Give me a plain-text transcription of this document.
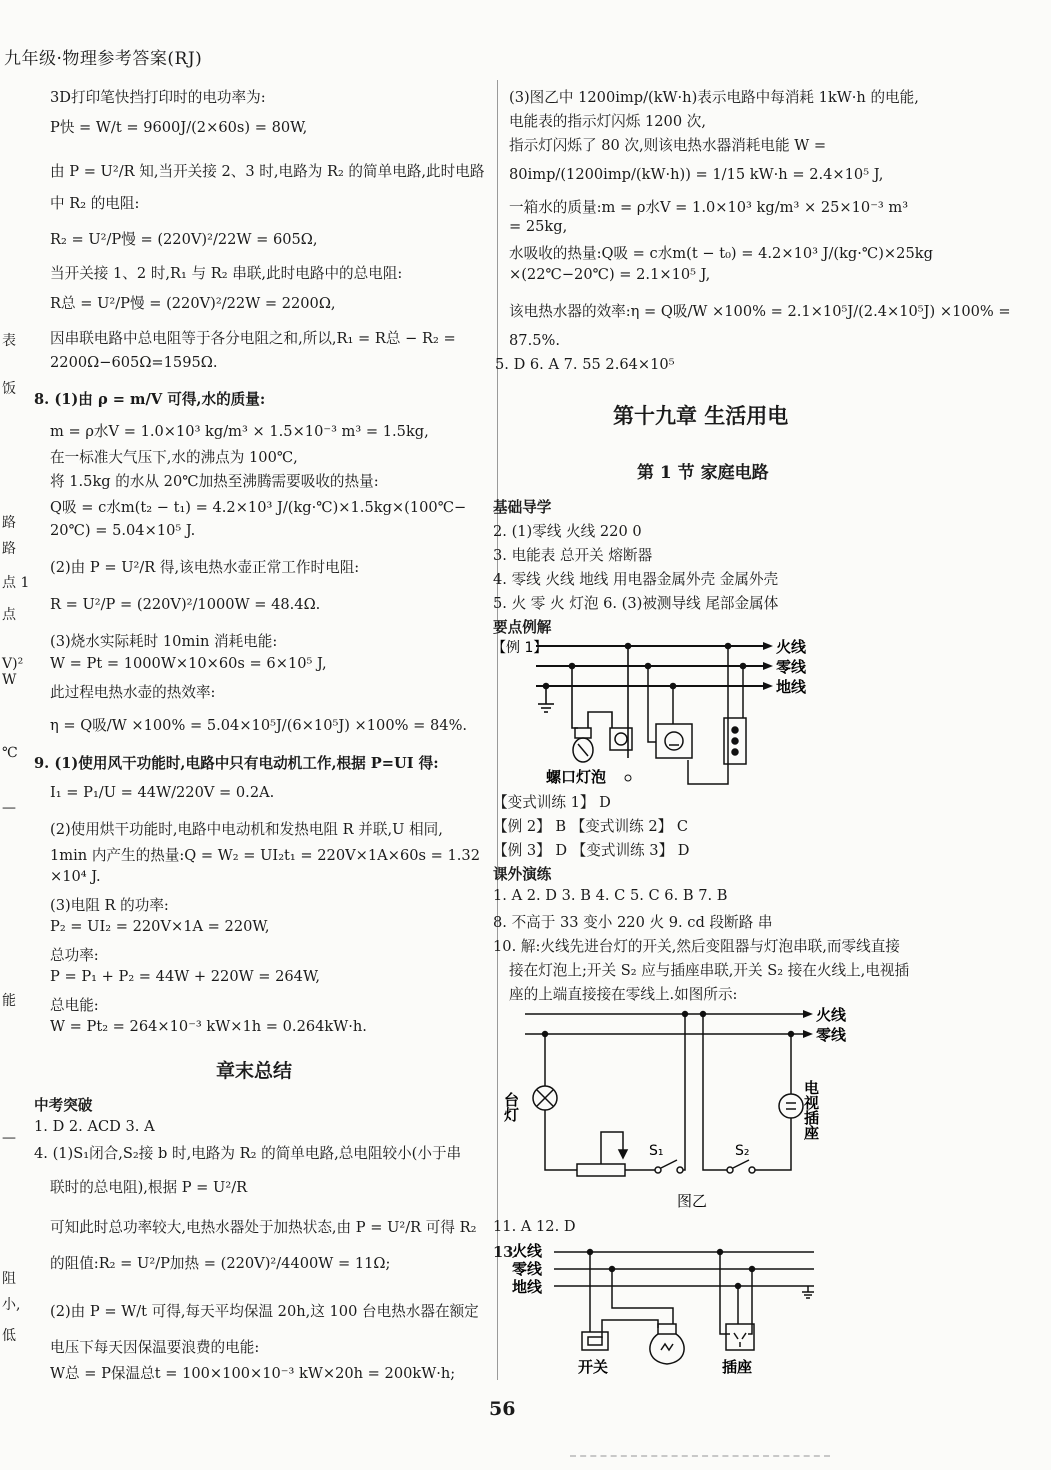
九年级·物理参考答案(RJ)
表
饭
路
路
点 1
点
V)²
W
℃
—
能
—
阻
小,
低
3D打印笔快挡打印时的电功率为:
P快 = W/t = 9600J/(2×60s) = 80W,
由 P = U²/R 知,当开关接 2、3 时,电路为 R₂ 的简单电路,此时电路
中 R₂ 的电阻:
R₂ = U²/P慢 = (220V)²/22W = 605Ω,
当开关接 1、2 时,R₁ 与 R₂ 串联,此时电路中的总电阻:
R总 = U²/P慢 = (220V)²/22W = 2200Ω,
因串联电路中总电阻等于各分电阻之和,所以,R₁ = R总 − R₂ =
2200Ω−605Ω=1595Ω.
8. (1)由 ρ = m/V 可得,水的质量:
m = ρ水V = 1.0×10³ kg/m³ × 1.5×10⁻³ m³ = 1.5kg,
在一标准大气压下,水的沸点为 100℃,
将 1.5kg 的水从 20℃加热至沸腾需要吸收的热量:
Q吸 = c水m(t₂ − t₁) = 4.2×10³ J/(kg·℃)×1.5kg×(100℃−
20℃) = 5.04×10⁵ J.
(2)由 P = U²/R 得,该电热水壶正常工作时电阻:
R = U²/P = (220V)²/1000W = 48.4Ω.
(3)烧水实际耗时 10min 消耗电能:
W = Pt = 1000W×10×60s = 6×10⁵ J,
此过程电热水壶的热效率:
η = Q吸/W ×100% = 5.04×10⁵J/(6×10⁵J) ×100% = 84%.
9. (1)使用风干功能时,电路中只有电动机工作,根据 P=UI 得:
I₁ = P₁/U = 44W/220V = 0.2A.
(2)使用烘干功能时,电路中电动机和发热电阻 R 并联,U 相同,
1min 内产生的热量:Q = W₂ = UI₂t₁ = 220V×1A×60s = 1.32
×10⁴ J.
(3)电阻 R 的功率:
P₂ = UI₂ = 220V×1A = 220W,
总功率:
P = P₁ + P₂ = 44W + 220W = 264W,
总电能:
W = Pt₂ = 264×10⁻³ kW×1h = 0.264kW·h.
章末总结
中考突破
1. D 2. ACD 3. A
4. (1)S₁闭合,S₂接 b 时,电路为 R₂ 的简单电路,总电阻较小(小于串
联时的总电阻),根据 P = U²/R
可知此时总功率较大,电热水器处于加热状态,由 P = U²/R 可得 R₂
的阻值:R₂ = U²/P加热 = (220V)²/4400W = 11Ω;
(2)由 P = W/t 可得,每天平均保温 20h,这 100 台电热水器在额定
电压下每天因保温要浪费的电能:
W总 = P保温总t = 100×100×10⁻³ kW×20h = 200kW·h;
(3)图乙中 1200imp/(kW·h)表示电路中每消耗 1kW·h 的电能,
电能表的指示灯闪烁 1200 次,
指示灯闪烁了 80 次,则该电热水器消耗电能 W =
80imp/(1200imp/(kW·h)) = 1/15 kW·h = 2.4×10⁵ J,
一箱水的质量:m = ρ水V = 1.0×10³ kg/m³ × 25×10⁻³ m³
= 25kg,
水吸收的热量:Q吸 = c水m(t − t₀) = 4.2×10³ J/(kg·℃)×25kg
×(22℃−20℃) = 2.1×10⁵ J,
该电热水器的效率:η = Q吸/W ×100% = 2.1×10⁵J/(2.4×10⁵J) ×100% =
87.5%.
5. D 6. A 7. 55 2.64×10⁵
第十九章 生活用电
第 1 节 家庭电路
基础导学
2. (1)零线 火线 220 0
3. 电能表 总开关 熔断器
4. 零线 火线 地线 用电器金属外壳 金属外壳
5. 火 零 火 灯泡 6. (3)被测导线 尾部金属体
要点例解
【变式训练 1】 D
【例 2】 B 【变式训练 2】 C
【例 3】 D 【变式训练 3】 D
课外演练
1. A 2. D 3. B 4. C 5. C 6. B 7. B
8. 不高于 33 变小 220 火 9. cd 段断路 串
10. 解:火线先进台灯的开关,然后变阻器与灯泡串联,而零线直接
接在灯泡上;开关 S₂ 应与插座串联,开关 S₂ 接在火线上,电视插
座的上端直接接在零线上.如图所示:
11. A 12. D
13.
【例 1】	火线
零线
地线
螺口灯泡
火线
零线
台灯	电视插座
S₁	S₂
图乙
火线
零线
地线
开关	插座
56
